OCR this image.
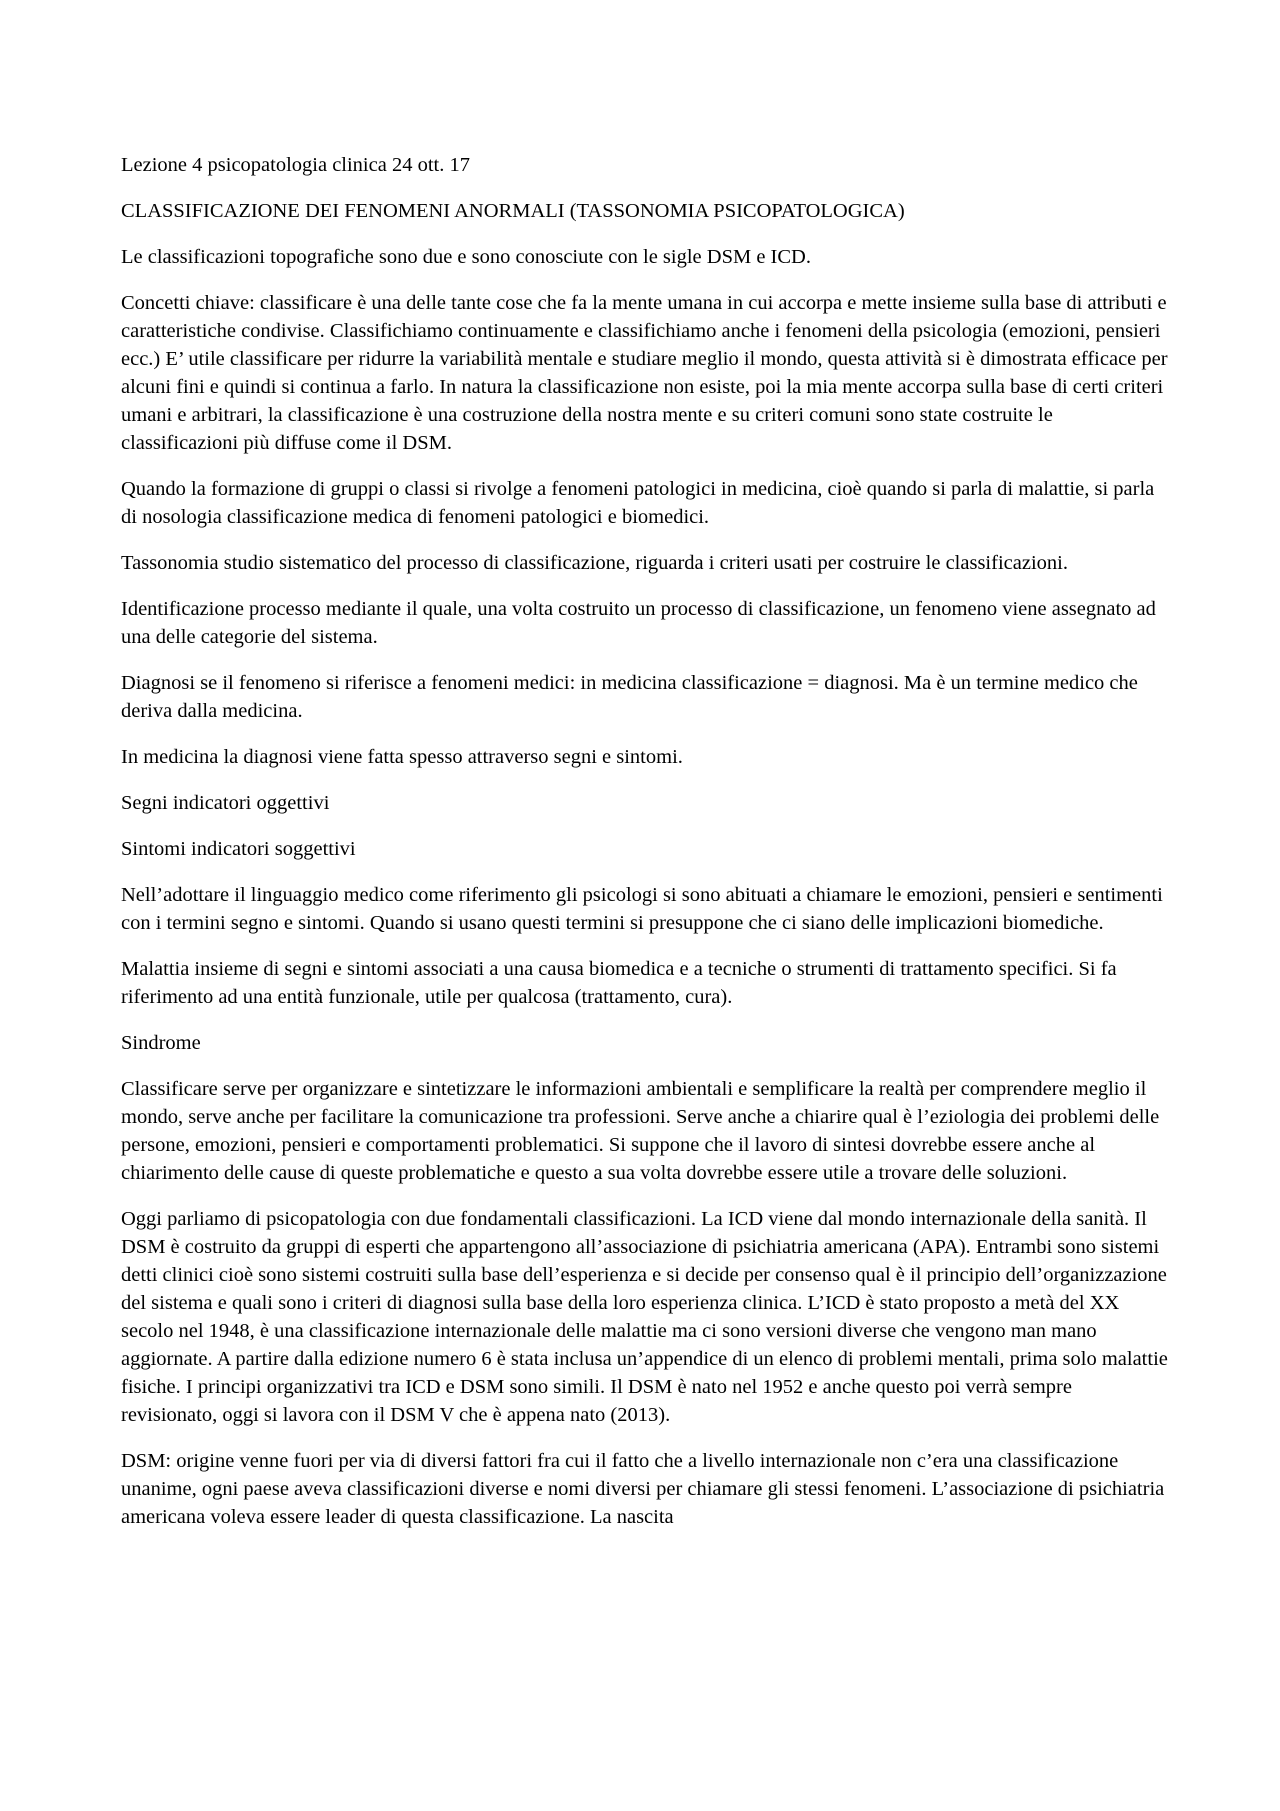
Lezione 4 psicopatologia clinica 24 ott. 17

CLASSIFICAZIONE DEI FENOMENI ANORMALI (TASSONOMIA PSICOPATOLOGICA)

Le classificazioni topografiche sono due e sono conosciute con le sigle DSM e ICD.

Concetti chiave: classificare è una delle tante cose che fa la mente umana in cui accorpa e mette insieme sulla base di attributi e caratteristiche condivise. Classifichiamo continuamente e classifichiamo anche i fenomeni della psicologia (emozioni, pensieri ecc.) E’ utile classificare per ridurre la variabilità mentale e studiare meglio il mondo, questa attività si è dimostrata efficace per alcuni fini e quindi si continua a farlo. In natura la classificazione non esiste, poi la mia mente accorpa sulla base di certi criteri umani e arbitrari, la classificazione è una costruzione della nostra mente e su criteri comuni sono state costruite le classificazioni più diffuse come il DSM.

Quando la formazione di gruppi o classi si rivolge a fenomeni patologici in medicina, cioè quando si parla di malattie, si parla di nosologia classificazione medica di fenomeni patologici e biomedici.

Tassonomia studio sistematico del processo di classificazione, riguarda i criteri usati per costruire le classificazioni.

Identificazione processo mediante il quale, una volta costruito un processo di classificazione, un fenomeno viene assegnato ad una delle categorie del sistema.

Diagnosi se il fenomeno si riferisce a fenomeni medici: in medicina classificazione = diagnosi. Ma è un termine medico che deriva dalla medicina.

In medicina la diagnosi viene fatta spesso attraverso segni e sintomi.

Segni indicatori oggettivi

Sintomi indicatori soggettivi

Nell’adottare il linguaggio medico come riferimento gli psicologi si sono abituati a chiamare le emozioni, pensieri e sentimenti con i termini segno e sintomi. Quando si usano questi termini si presuppone che ci siano delle implicazioni biomediche.

Malattia insieme di segni e sintomi associati a una causa biomedica e a tecniche o strumenti di trattamento specifici. Si fa riferimento ad una entità funzionale, utile per qualcosa (trattamento, cura).

Sindrome

Classificare serve per organizzare e sintetizzare le informazioni ambientali e semplificare la realtà per comprendere meglio il mondo, serve anche per facilitare la comunicazione tra professioni. Serve anche a chiarire qual è l’eziologia dei problemi delle persone, emozioni, pensieri e comportamenti problematici. Si suppone che il lavoro di sintesi dovrebbe essere anche al chiarimento delle cause di queste problematiche e questo a sua volta dovrebbe essere utile a trovare delle soluzioni.

Oggi parliamo di psicopatologia con due fondamentali classificazioni. La ICD viene dal mondo internazionale della sanità. Il DSM è costruito da gruppi di esperti che appartengono all’associazione di psichiatria americana (APA). Entrambi sono sistemi detti clinici cioè sono sistemi costruiti sulla base dell’esperienza e si decide per consenso qual è il principio dell’organizzazione del sistema e quali sono i criteri di diagnosi sulla base della loro esperienza clinica. L’ICD è stato proposto a metà del XX secolo nel 1948, è una classificazione internazionale delle malattie ma ci sono versioni diverse che vengono man mano aggiornate. A partire dalla edizione numero 6 è stata inclusa un’appendice di un elenco di problemi mentali, prima solo malattie fisiche. I principi organizzativi tra ICD e DSM sono simili. Il DSM è nato nel 1952 e anche questo poi verrà sempre revisionato, oggi si lavora con il DSM V che è appena nato (2013).

DSM: origine venne fuori per via di diversi fattori fra cui il fatto che a livello internazionale non c’era una classificazione unanime, ogni paese aveva classificazioni diverse e nomi diversi per chiamare gli stessi fenomeni. L’associazione di psichiatria americana voleva essere leader di questa classificazione. La nascita
